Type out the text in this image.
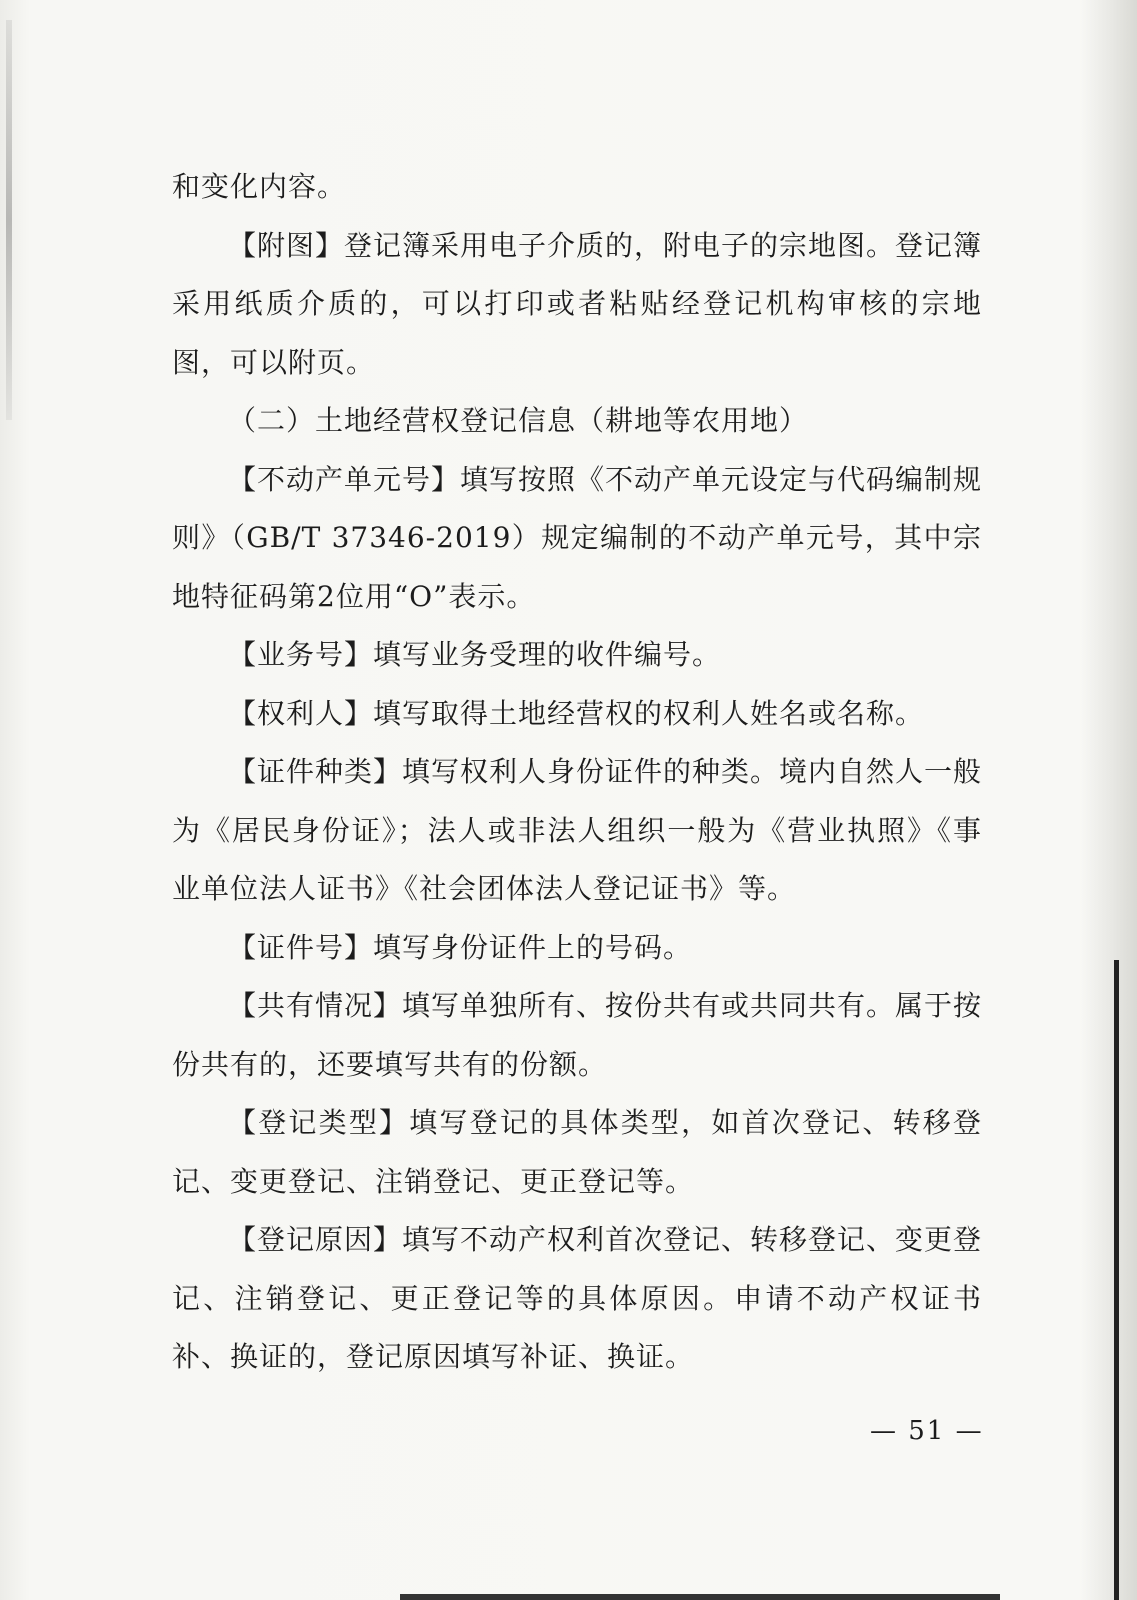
和变化内容。

【附图】登记簿采用电子介质的，附电子的宗地图。登记簿采用纸质介质的，可以打印或者粘贴经登记机构审核的宗地图，可以附页。

（二）土地经营权登记信息（耕地等农用地）

【不动产单元号】填写按照《不动产单元设定与代码编制规则》（GB/T 37346-2019）规定编制的不动产单元号，其中宗地特征码第2位用“O”表示。

【业务号】填写业务受理的收件编号。

【权利人】填写取得土地经营权的权利人姓名或名称。

【证件种类】填写权利人身份证件的种类。境内自然人一般为《居民身份证》；法人或非法人组织一般为《营业执照》《事业单位法人证书》《社会团体法人登记证书》等。

【证件号】填写身份证件上的号码。

【共有情况】填写单独所有、按份共有或共同共有。属于按份共有的，还要填写共有的份额。

【登记类型】填写登记的具体类型，如首次登记、转移登记、变更登记、注销登记、更正登记等。

【登记原因】填写不动产权利首次登记、转移登记、变更登记、注销登记、更正登记等的具体原因。申请不动产权证书补、换证的，登记原因填写补证、换证。

— 51 —
